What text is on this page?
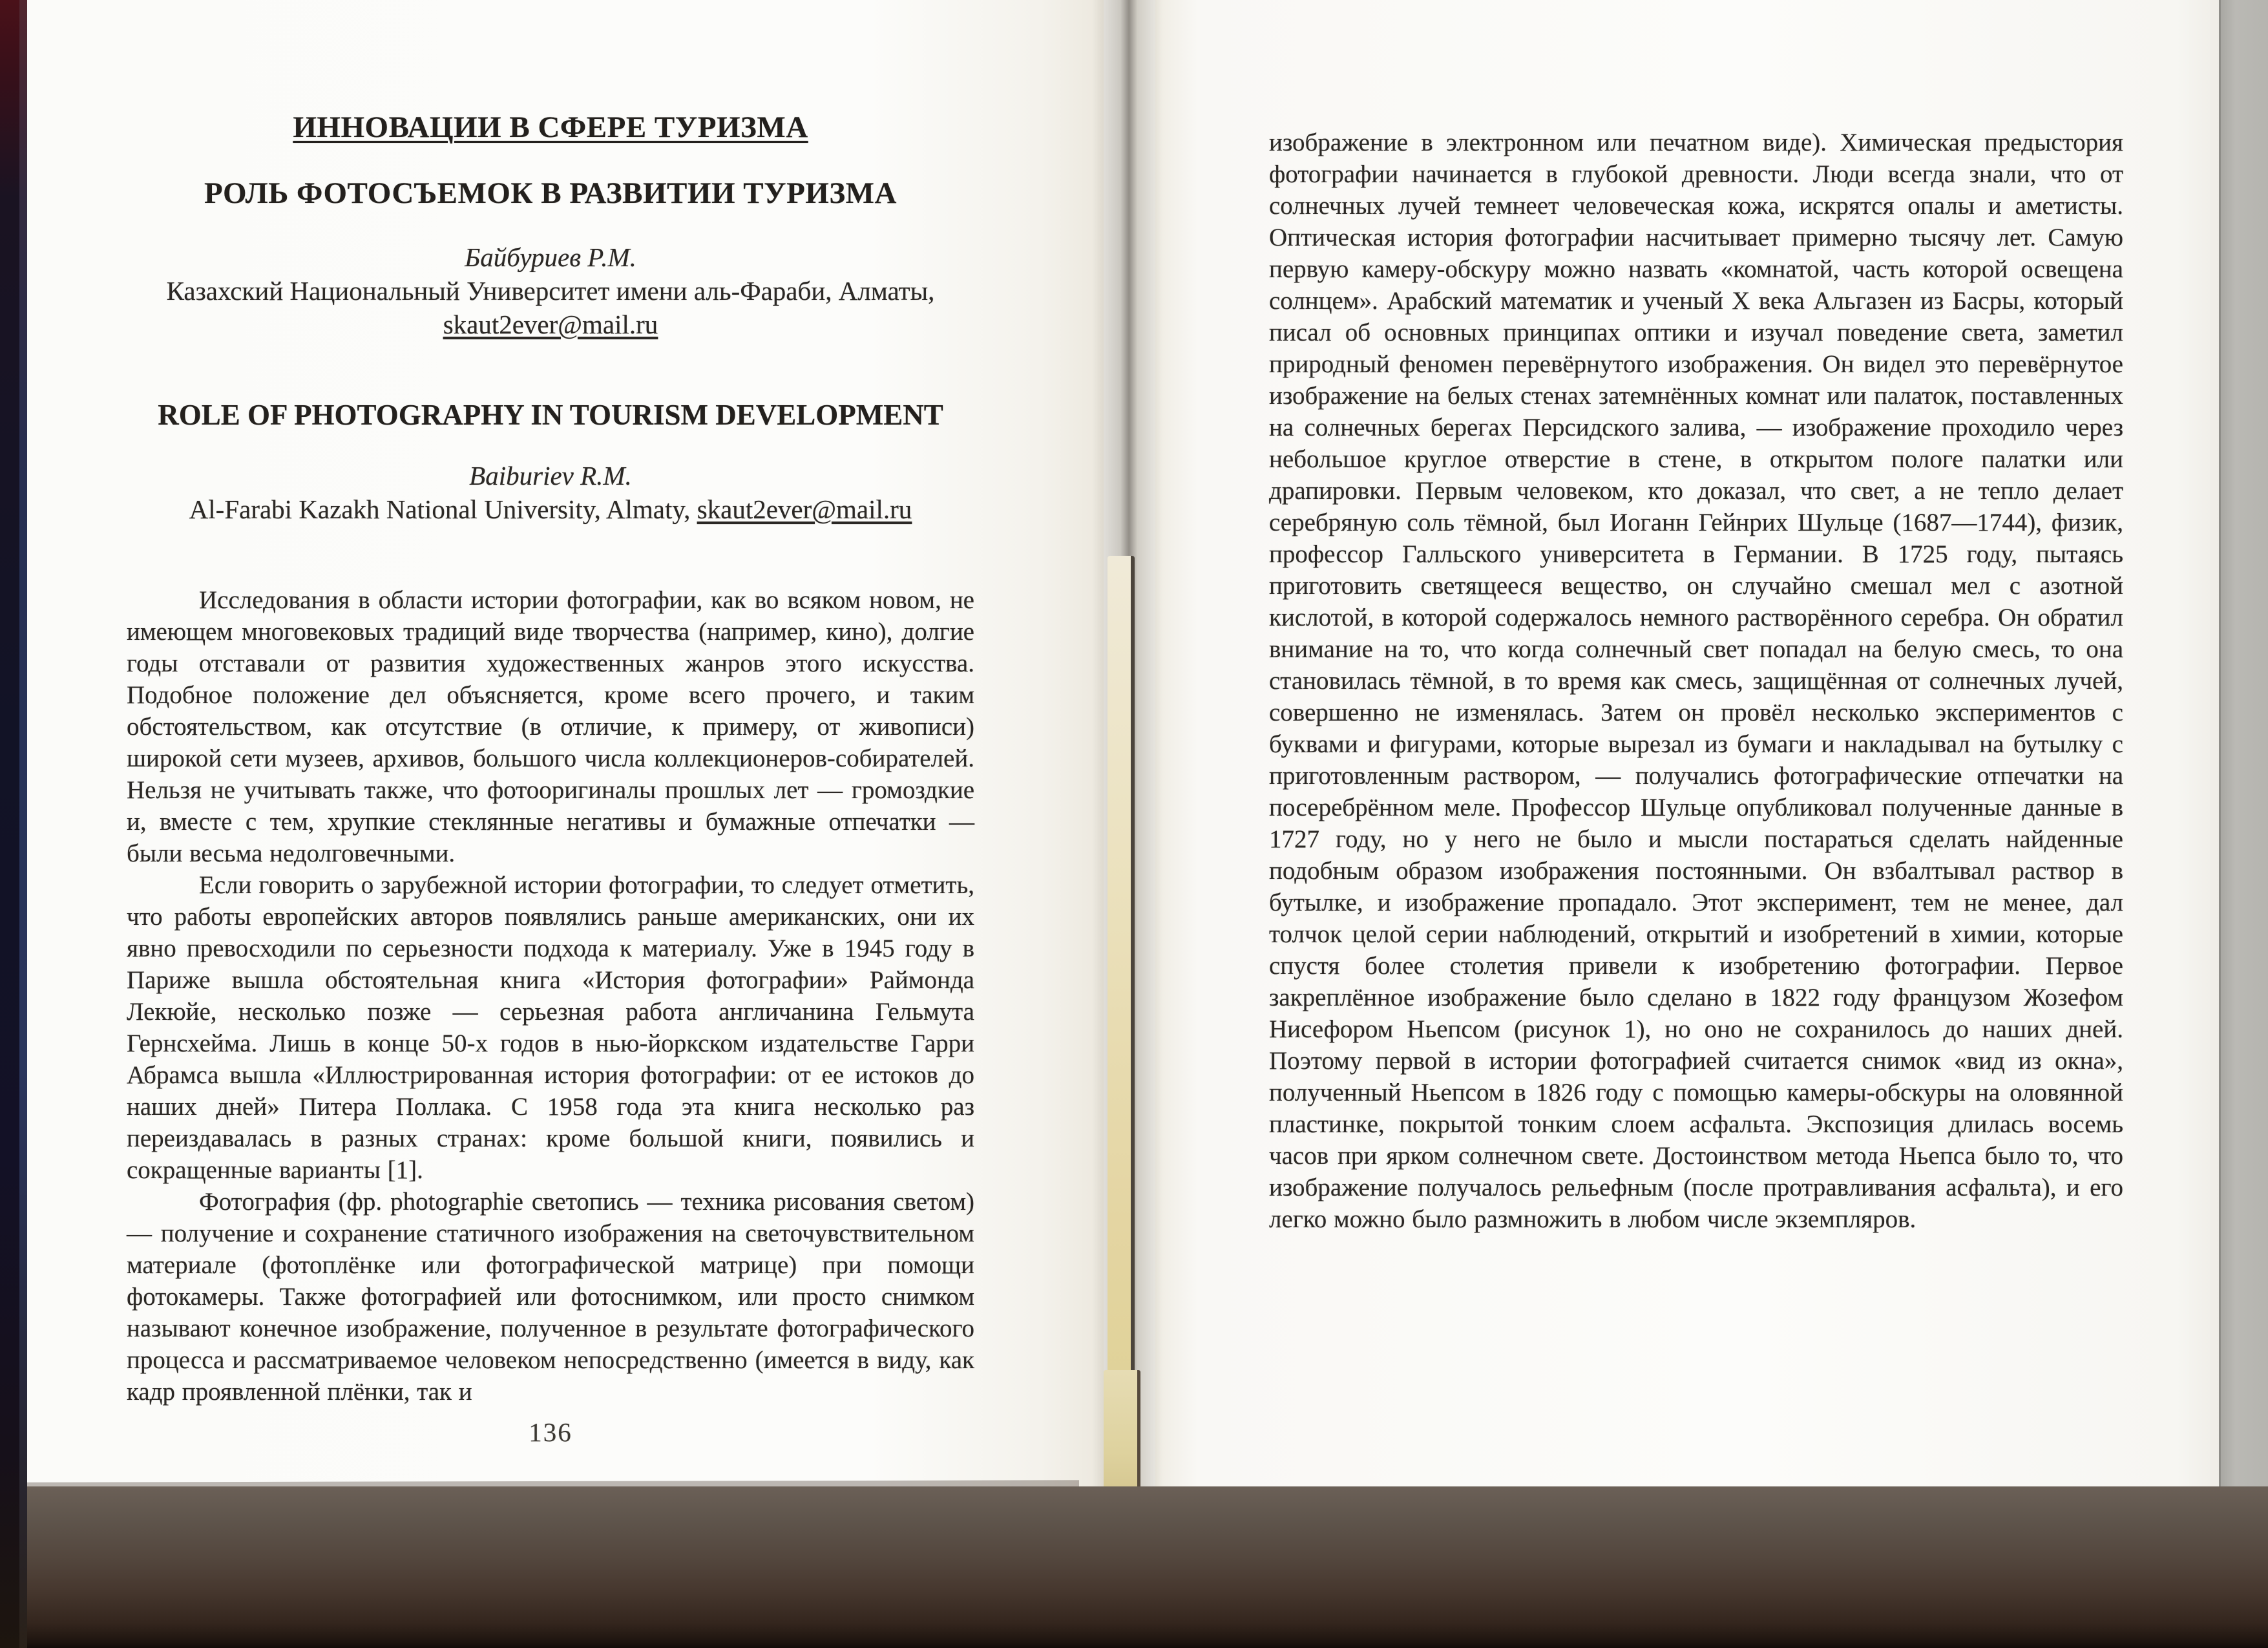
ИННОВАЦИИ В СФЕРЕ ТУРИЗМА
РОЛЬ ФОТОСЪЕМОК В РАЗВИТИИ ТУРИЗМА

Байбуриев Р.М.

Казахский Национальный Университет имени аль-Фараби, Алматы,

skaut2ever@mail.ru

ROLE OF PHOTOGRAPHY IN TOURISM DEVELOPMENT

Baiburiev R.M.

Al-Farabi Kazakh National University, Almaty, skaut2ever@mail.ru

Исследования в области истории фотографии, как во всяком новом, не имеющем многовековых традиций виде творчества (например, кино), долгие годы отставали от развития художественных жанров этого искусства. Подобное положение дел объясняется, кроме всего прочего, и таким обстоятельством, как отсутствие (в отличие, к примеру, от живописи) широкой сети музеев, архивов, большого числа коллекционеров-собирателей. Нельзя не учитывать также, что фотооригиналы прошлых лет — громоздкие и, вместе с тем, хрупкие стеклянные негативы и бумажные отпечатки — были весьма недолговечными.

Если говорить о зарубежной истории фотографии, то следует отметить, что работы европейских авторов появлялись раньше американских, они их явно превосходили по серьезности подхода к материалу. Уже в 1945 году в Париже вышла обстоятельная книга «История фотографии» Раймонда Лекюйе, несколько позже — серьезная работа англичанина Гельмута Гернсхейма. Лишь в конце 50-х годов в нью-йоркском издательстве Гарри Абрамса вышла «Иллюстрированная история фотографии: от ее истоков до наших дней» Питера Поллака. С 1958 года эта книга несколько раз переиздавалась в разных странах: кроме большой книги, появились и сокращенные варианты [1].

Фотография (фр. photographie светопись — техника рисования светом) — получение и сохранение статичного изображения на светочувствительном материале (фотоплёнке или фотографической матрице) при помощи фотокамеры. Также фотографией или фотоснимком, или просто снимком называют конечное изображение, полученное в результате фотографического процесса и рассматриваемое человеком непосредственно (имеется в виду, как кадр проявленной плёнки, так и

136

изображение в электронном или печатном виде). Химическая предыстория фотографии начинается в глубокой древности. Люди всегда знали, что от солнечных лучей темнеет человеческая кожа, искрятся опалы и аметисты. Оптическая история фотографии насчитывает примерно тысячу лет. Самую первую камеру-обскуру можно назвать «комнатой, часть которой освещена солнцем». Арабский математик и ученый X века Альгазен из Басры, который писал об основных принципах оптики и изучал поведение света, заметил природный феномен перевёрнутого изображения. Он видел это перевёрнутое изображение на белых стенах затемнённых комнат или палаток, поставленных на солнечных берегах Персидского залива, — изображение проходило через небольшое круглое отверстие в стене, в открытом пологе палатки или драпировки. Первым человеком, кто доказал, что свет, а не тепло делает серебряную соль тёмной, был Иоганн Гейнрих Шульце (1687—1744), физик, профессор Галльского университета в Германии. В 1725 году, пытаясь приготовить светящееся вещество, он случайно смешал мел с азотной кислотой, в которой содержалось немного растворённого серебра. Он обратил внимание на то, что когда солнечный свет попадал на белую смесь, то она становилась тёмной, в то время как смесь, защищённая от солнечных лучей, совершенно не изменялась. Затем он провёл несколько экспериментов с буквами и фигурами, которые вырезал из бумаги и накладывал на бутылку с приготовленным раствором, — получались фотографические отпечатки на посеребрённом меле. Профессор Шульце опубликовал полученные данные в 1727 году, но у него не было и мысли постараться сделать найденные подобным образом изображения постоянными. Он взбалтывал раствор в бутылке, и изображение пропадало. Этот эксперимент, тем не менее, дал толчок целой серии наблюдений, открытий и изобретений в химии, которые спустя более столетия привели к изобретению фотографии. Первое закреплённое изображение было сделано в 1822 году французом Жозефом Нисефором Ньепсом (рисунок 1), но оно не сохранилось до наших дней. Поэтому первой в истории фотографией считается снимок «вид из окна», полученный Ньепсом в 1826 году с помощью камеры-обскуры на оловянной пластинке, покрытой тонким слоем асфальта. Экспозиция длилась восемь часов при ярком солнечном свете. Достоинством метода Ньепса было то, что изображение получалось рельефным (после протравливания асфальта), и его легко можно было размножить в любом числе экземпляров.
